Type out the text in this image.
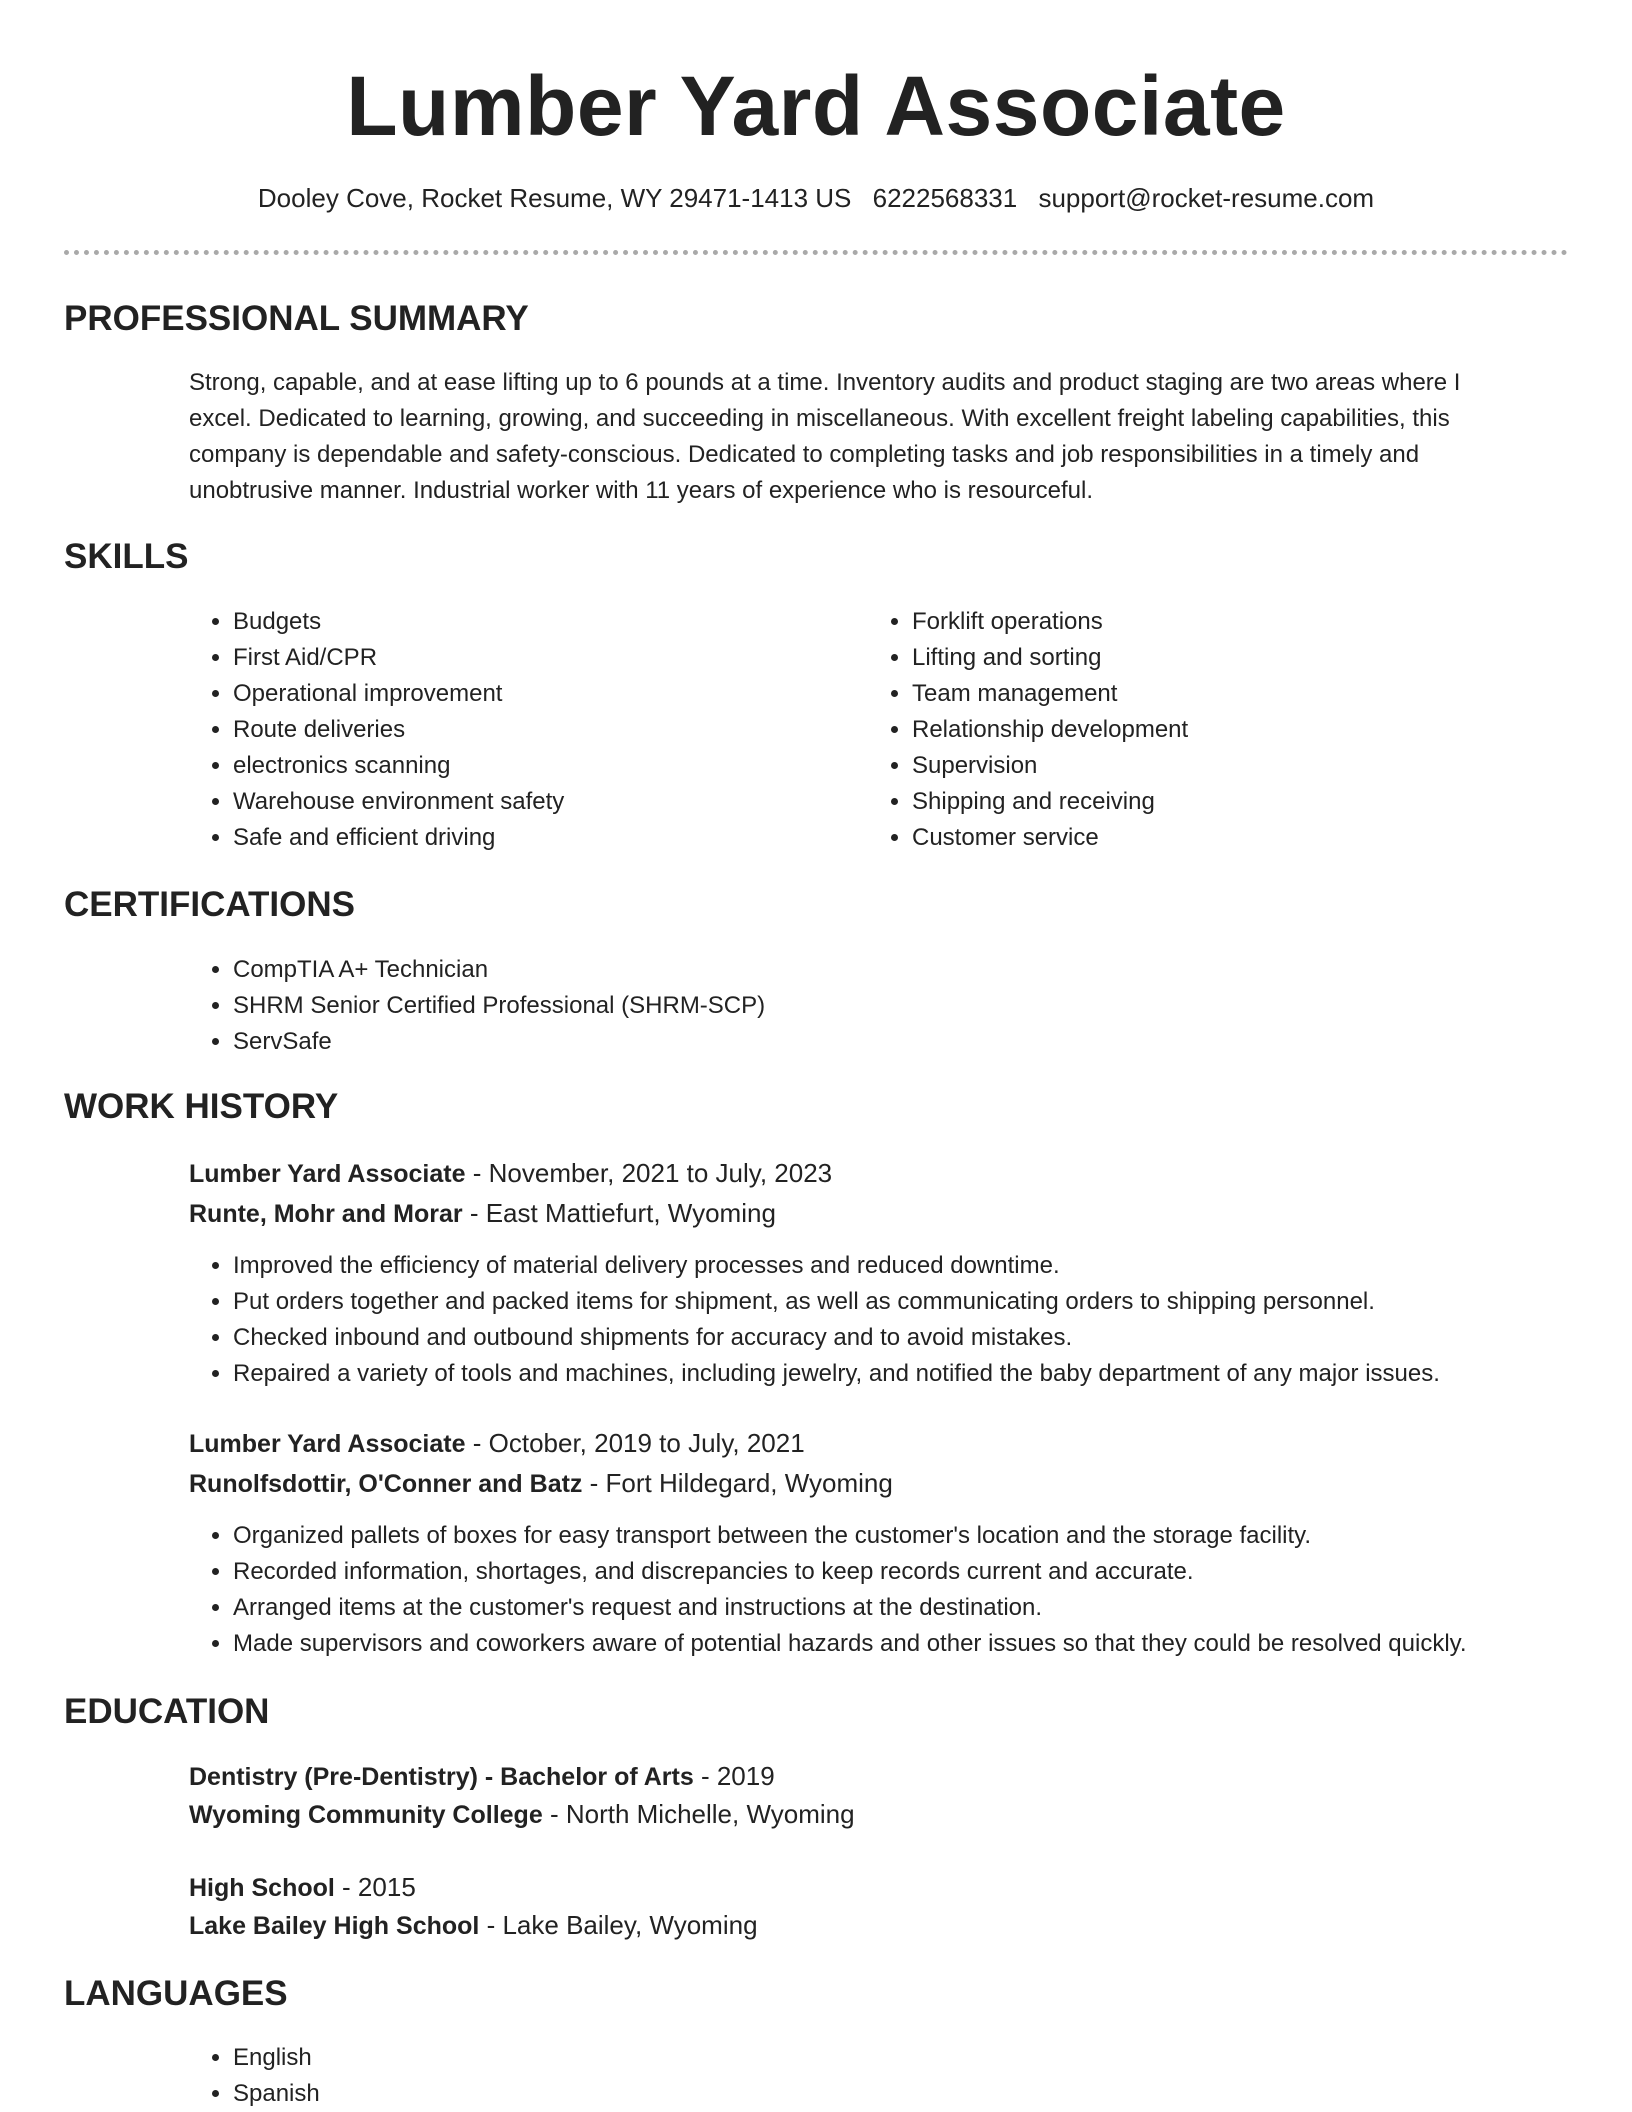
Lumber Yard Associate
Dooley Cove, Rocket Resume, WY 29471-1413 US 6222568331 support@rocket-resume.com
PROFESSIONAL SUMMARY

Strong, capable, and at ease lifting up to 6 pounds at a time. Inventory audits and product staging are two areas where I excel. Dedicated to learning, growing, and succeeding in miscellaneous. With excellent freight labeling capabilities, this company is dependable and safety-conscious. Dedicated to completing tasks and job responsibilities in a timely and unobtrusive manner. Industrial worker with 11 years of experience who is resourceful.

SKILLS
• Budgets
• First Aid/CPR
• Operational improvement
• Route deliveries
• electronics scanning
• Warehouse environment safety
• Safe and efficient driving
• Forklift operations
• Lifting and sorting
• Team management
• Relationship development
• Supervision
• Shipping and receiving
• Customer service
CERTIFICATIONS
• CompTIA A+ Technician
• SHRM Senior Certified Professional (SHRM-SCP)
• ServSafe
WORK HISTORY
Lumber Yard Associate - November, 2021 to July, 2023
Runte, Mohr and Morar - East Mattiefurt, Wyoming
• Improved the efficiency of material delivery processes and reduced downtime.
• Put orders together and packed items for shipment, as well as communicating orders to shipping personnel.
• Checked inbound and outbound shipments for accuracy and to avoid mistakes.
• Repaired a variety of tools and machines, including jewelry, and notified the baby department of any major issues.
Lumber Yard Associate - October, 2019 to July, 2021
Runolfsdottir, O'Conner and Batz - Fort Hildegard, Wyoming
• Organized pallets of boxes for easy transport between the customer's location and the storage facility.
• Recorded information, shortages, and discrepancies to keep records current and accurate.
• Arranged items at the customer's request and instructions at the destination.
• Made supervisors and coworkers aware of potential hazards and other issues so that they could be resolved quickly.
EDUCATION
Dentistry (Pre-Dentistry) - Bachelor of Arts - 2019
Wyoming Community College - North Michelle, Wyoming
High School - 2015
Lake Bailey High School - Lake Bailey, Wyoming
LANGUAGES
• English
• Spanish
